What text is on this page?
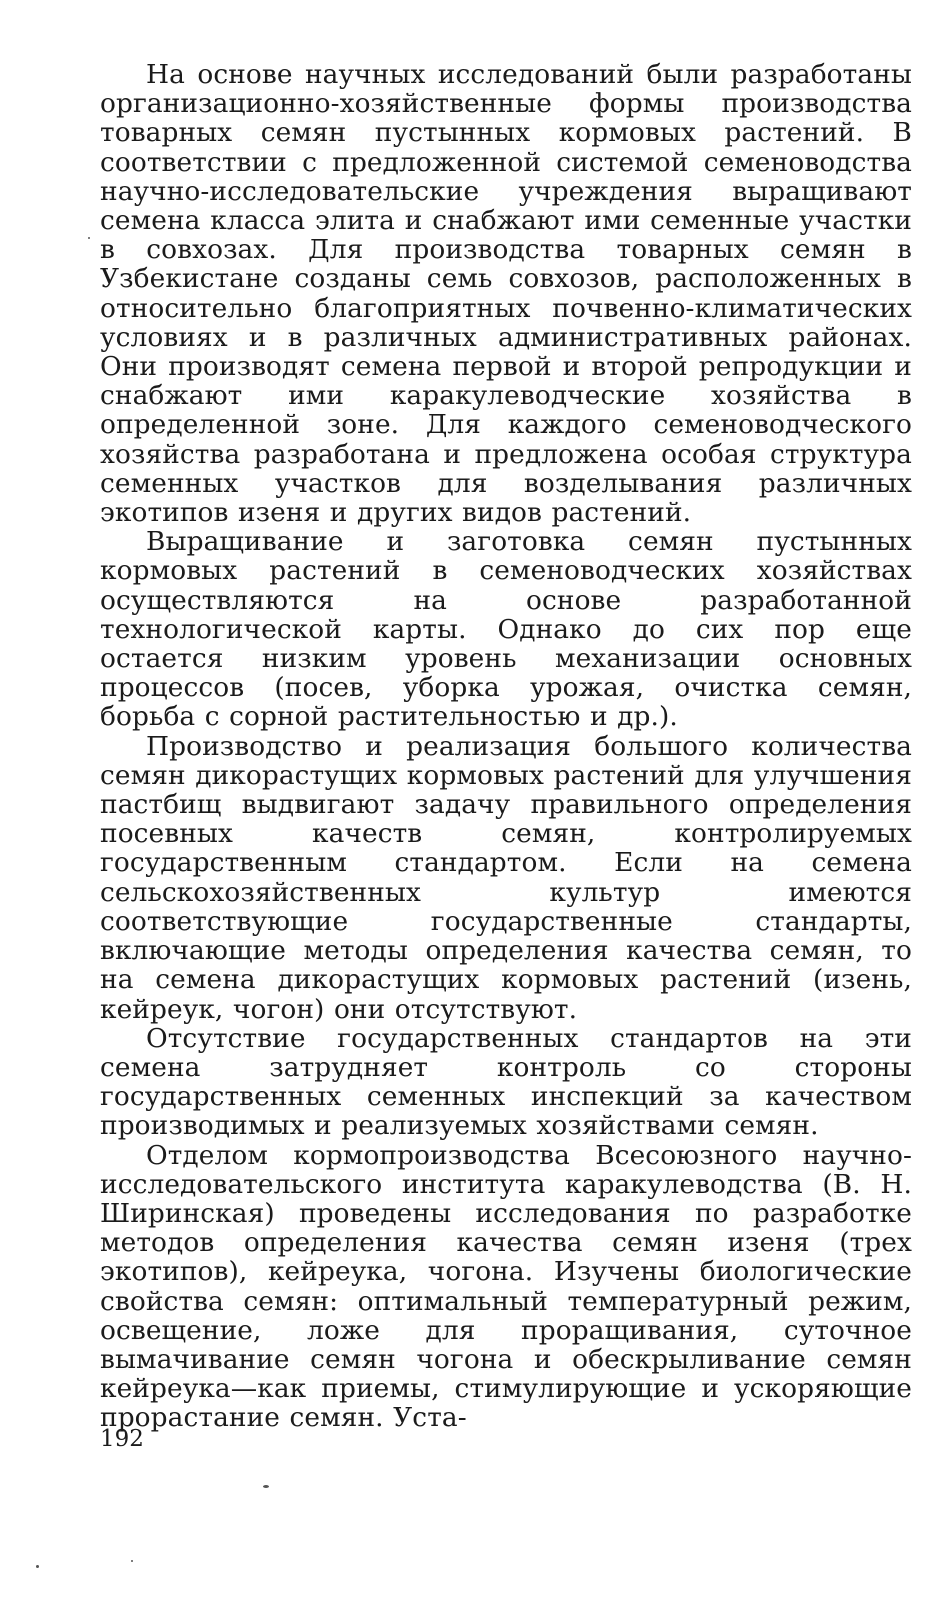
На основе научных исследований были разработаны организационно-хозяйственные формы производства товарных семян пустынных кормовых растений. В соответствии с предложенной системой семеноводства научно-исследовательские учреждения выращивают семена класса элита и снабжают ими семенные участки в совхозах. Для производства товарных семян в Узбекистане созданы семь совхозов, расположенных в относительно благоприятных почвенно-климатических условиях и в различных административных районах. Они производят семена первой и второй репродукции и снабжают ими каракулеводческие хозяйства в определенной зоне. Для каждого семеноводческого хозяйства разработана и предложена особая структура семенных участков для возделывания различных экотипов изеня и других видов растений.

Выращивание и заготовка семян пустынных кормовых растений в семеноводческих хозяйствах осуществляются на основе разработанной технологической карты. Однако до сих пор еще остается низким уровень механизации основных процессов (посев, уборка урожая, очистка семян, борьба с сорной растительностью и др.).

Производство и реализация большого количества семян дикорастущих кормовых растений для улучшения пастбищ выдвигают задачу правильного определения посевных качеств семян, контролируемых государственным стандартом. Если на семена сельскохозяйственных культур имеются соответствующие государственные стандарты, включающие методы определения качества семян, то на семена дикорастущих кормовых растений (изень, кейреук, чогон) они отсутствуют.

Отсутствие государственных стандартов на эти семена затрудняет контроль со стороны государственных семенных инспекций за качеством производимых и реализуемых хозяйствами семян.

Отделом кормопроизводства Всесоюзного научно-исследовательского института каракулеводства (В. Н. Ширинская) проведены исследования по разработке методов определения качества семян изеня (трех экотипов), кейреука, чогона. Изучены биологические свойства семян: оптимальный температурный режим, освещение, ложе для проращивания, суточное вымачивание семян чогона и обескрыливание семян кейреука—как приемы, стимулирующие и ускоряющие прорастание семян. Уста-

192
